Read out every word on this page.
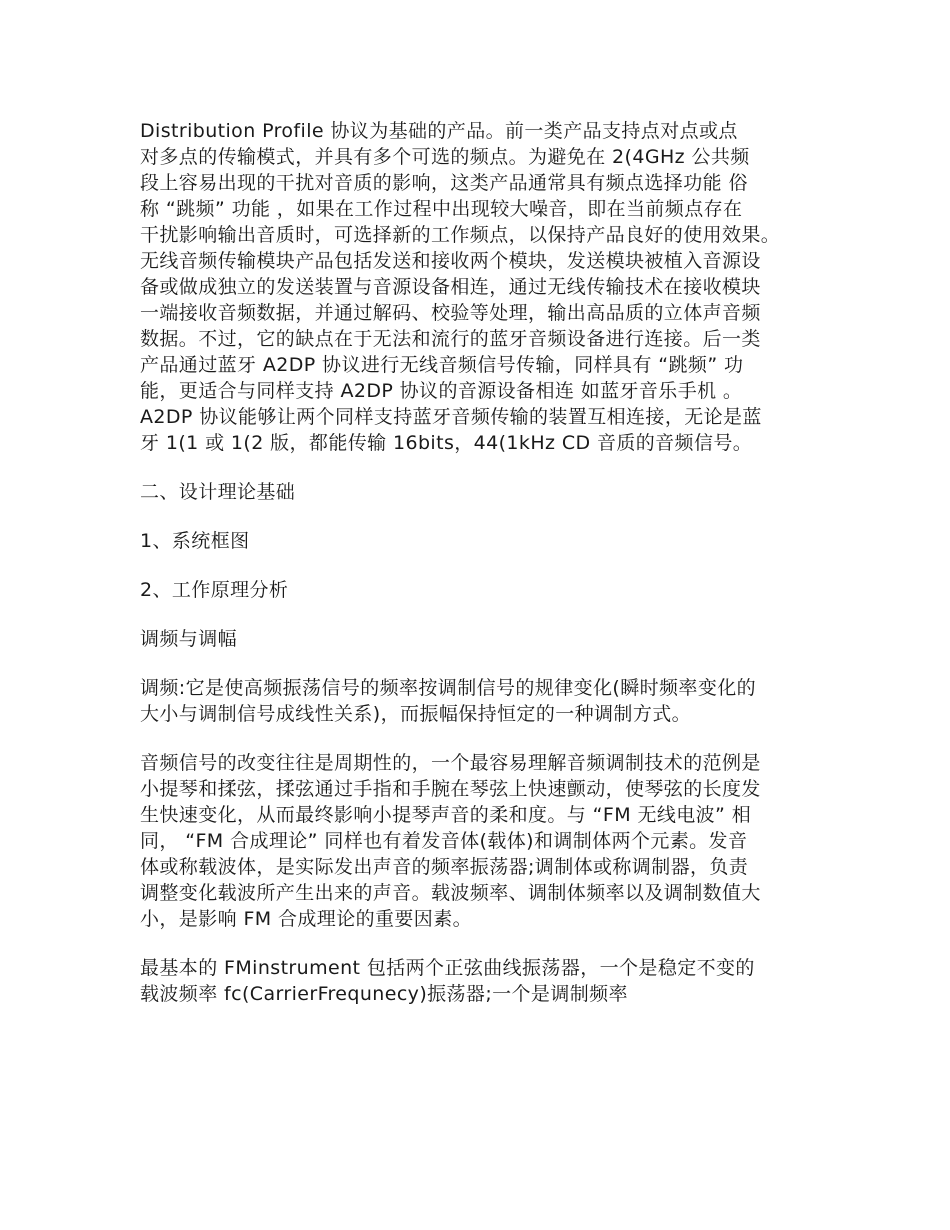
Distribution Profile 协议为基础的产品。前一类产品支持点对点或点
对多点的传输模式，并具有多个可选的频点。为避免在 2(4GHz 公共频
段上容易出现的干扰对音质的影响，这类产品通常具有频点选择功能 俗
称 “跳频” 功能 ，如果在工作过程中出现较大噪音，即在当前频点存在
干扰影响输出音质时，可选择新的工作频点，以保持产品良好的使用效果。
无线音频传输模块产品包括发送和接收两个模块，发送模块被植入音源设
备或做成独立的发送装置与音源设备相连，通过无线传输技术在接收模块
一端接收音频数据，并通过解码、校验等处理，输出高品质的立体声音频
数据。不过，它的缺点在于无法和流行的蓝牙音频设备进行连接。后一类
产品通过蓝牙 A2DP 协议进行无线音频信号传输，同样具有 “跳频” 功
能，更适合与同样支持 A2DP 协议的音源设备相连 如蓝牙音乐手机 。
A2DP 协议能够让两个同样支持蓝牙音频传输的装置互相连接，无论是蓝
牙 1(1 或 1(2 版，都能传输 16bits，44(1kHz CD 音质的音频信号。
二、设计理论基础
1、系统框图
2、工作原理分析
调频与调幅
调频:它是使高频振荡信号的频率按调制信号的规律变化(瞬时频率变化的
大小与调制信号成线性关系)，而振幅保持恒定的一种调制方式。
音频信号的改变往往是周期性的，一个最容易理解音频调制技术的范例是
小提琴和揉弦，揉弦通过手指和手腕在琴弦上快速颤动，使琴弦的长度发
生快速变化，从而最终影响小提琴声音的柔和度。与 “FM 无线电波” 相
同， “FM 合成理论” 同样也有着发音体(载体)和调制体两个元素。发音
体或称载波体，是实际发出声音的频率振荡器;调制体或称调制器，负责
调整变化载波所产生出来的声音。载波频率、调制体频率以及调制数值大
小，是影响 FM 合成理论的重要因素。
最基本的 FMinstrument 包括两个正弦曲线振荡器，一个是稳定不变的
载波频率 fc(CarrierFrequnecy)振荡器;一个是调制频率
